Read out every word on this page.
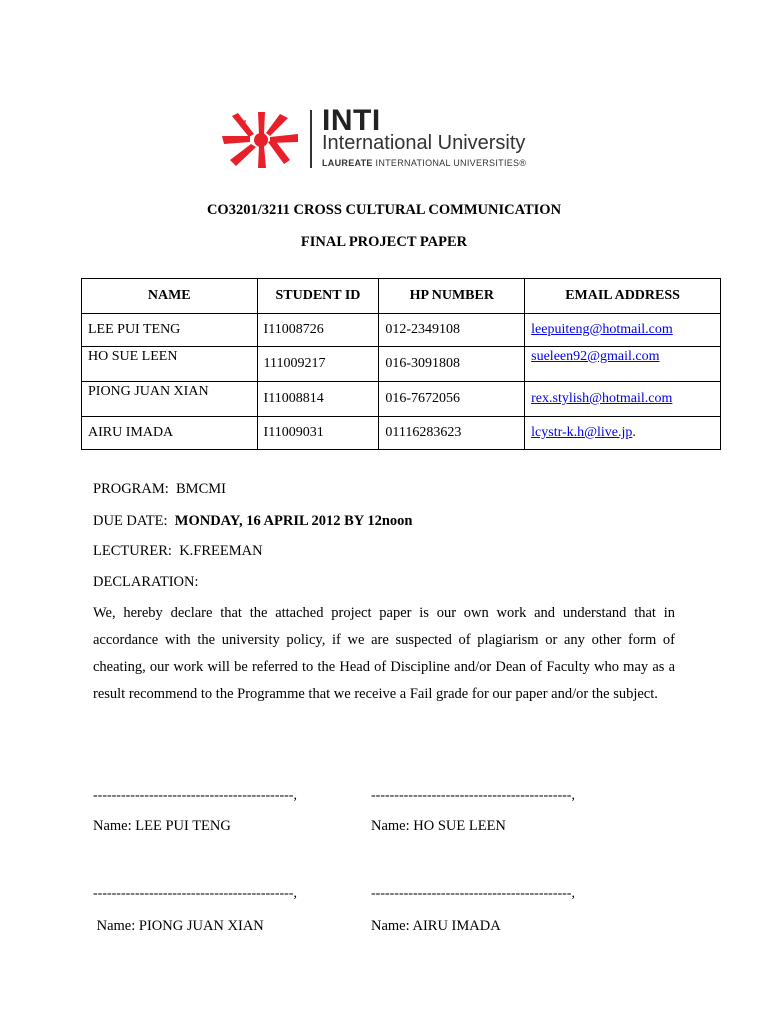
INTI
International University
LAUREATE INTERNATIONAL UNIVERSITIES®
CO3201/3211 CROSS CULTURAL COMMUNICATION
FINAL PROJECT PAPER
NAME	STUDENT ID	HP NUMBER	EMAIL ADDRESS
LEE PUI TENG	I11008726	012-2349108	leepuiteng@hotmail.com
HO SUE LEEN	111009217	016-3091808	sueleen92@gmail.com
PIONG JUAN XIAN	I11008814	016-7672056	rex.stylish@hotmail.com
AIRU IMADA	I11009031	01116283623	lcystr-k.h@live.jp.
PROGRAM: BMCMI
DUE DATE: MONDAY, 16 APRIL 2012 BY 12noon
LECTURER: K.FREEMAN
DECLARATION:
We, hereby declare that the attached project paper is our own work and understand that in accordance with the university policy, if we are suspected of plagiarism or any other form of cheating, our work will be referred to the Head of Discipline and/or Dean of Faculty who may as a result recommend to the Programme that we receive a Fail grade for our paper and/or the subject.
-------------------------------------------,	-------------------------------------------,
Name: LEE PUI TENG	Name: HO SUE LEEN
-------------------------------------------,	-------------------------------------------,
Name: PIONG JUAN XIAN	Name: AIRU IMADA
